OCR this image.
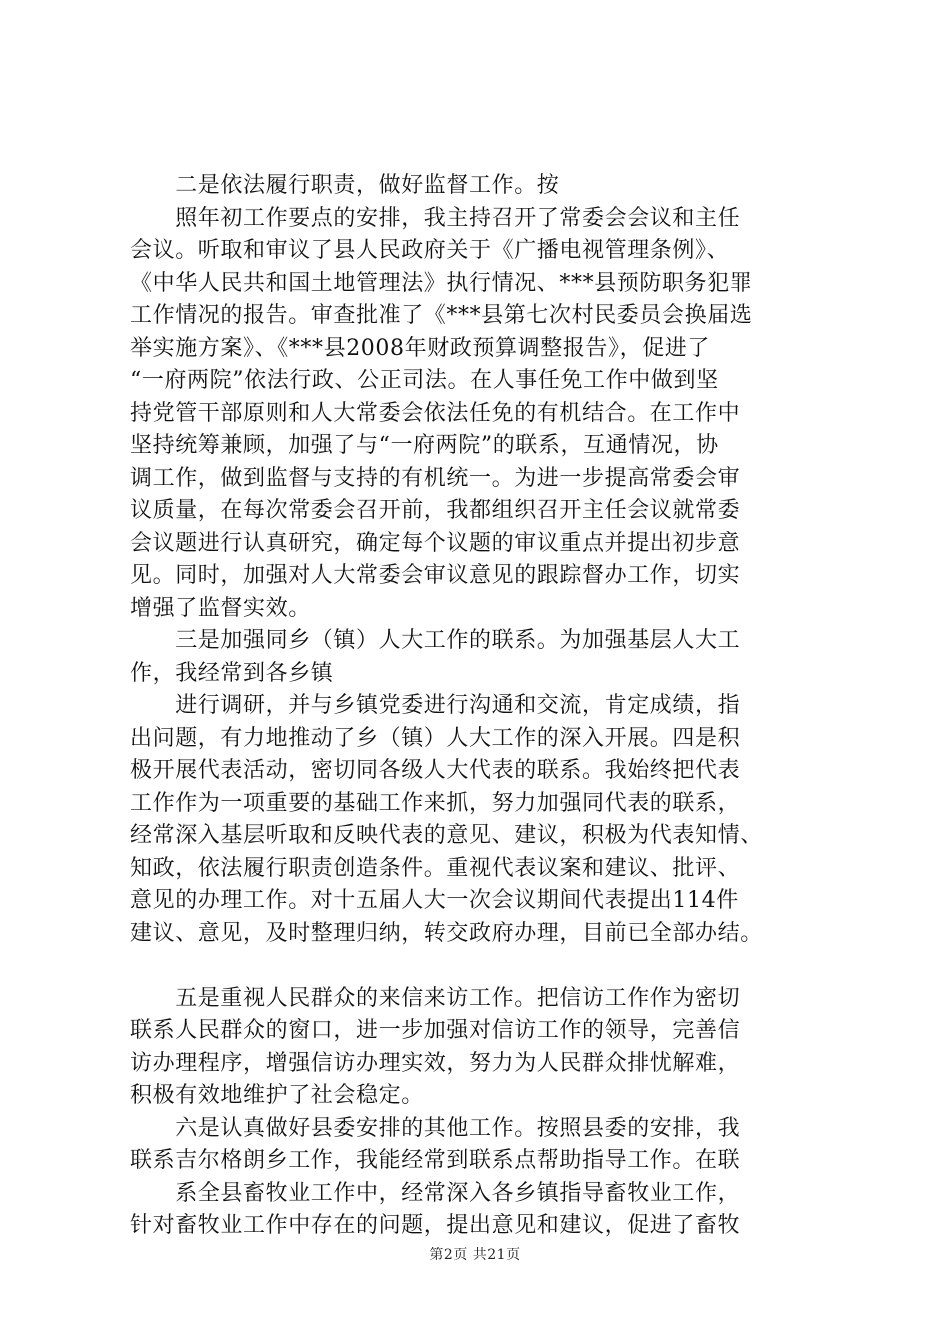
　　二是依法履行职责，做好监督工作。按
　　照年初工作要点的安排，我主持召开了常委会会议和主任
会议。听取和审议了县人民政府关于《广播电视管理条例》、
《中华人民共和国土地管理法》执行情况、***县预防职务犯罪
工作情况的报告。审查批准了《***县第七次村民委员会换届选
举实施方案》、《***县2008年财政预算调整报告》，促进了
“一府两院”依法行政、公正司法。在人事任免工作中做到坚
持党管干部原则和人大常委会依法任免的有机结合。在工作中
坚持统筹兼顾，加强了与“一府两院”的联系，互通情况，协
调工作，做到监督与支持的有机统一。为进一步提高常委会审
议质量，在每次常委会召开前，我都组织召开主任会议就常委
会议题进行认真研究，确定每个议题的审议重点并提出初步意
见。同时，加强对人大常委会审议意见的跟踪督办工作，切实
增强了监督实效。
　　三是加强同乡（镇）人大工作的联系。为加强基层人大工
作，我经常到各乡镇
　　进行调研，并与乡镇党委进行沟通和交流，肯定成绩，指
出问题，有力地推动了乡（镇）人大工作的深入开展。四是积
极开展代表活动，密切同各级人大代表的联系。我始终把代表
工作作为一项重要的基础工作来抓，努力加强同代表的联系，
经常深入基层听取和反映代表的意见、建议，积极为代表知情、
知政，依法履行职责创造条件。重视代表议案和建议、批评、
意见的办理工作。对十五届人大一次会议期间代表提出114件
建议、意见，及时整理归纳，转交政府办理，目前已全部办结。
　　五是重视人民群众的来信来访工作。把信访工作作为密切
联系人民群众的窗口，进一步加强对信访工作的领导，完善信
访办理程序，增强信访办理实效，努力为人民群众排忧解难，
积极有效地维护了社会稳定。
　　六是认真做好县委安排的其他工作。按照县委的安排，我
联系吉尔格朗乡工作，我能经常到联系点帮助指导工作。在联
　　系全县畜牧业工作中，经常深入各乡镇指导畜牧业工作，
针对畜牧业工作中存在的问题，提出意见和建议，促进了畜牧
第2页 共21页
